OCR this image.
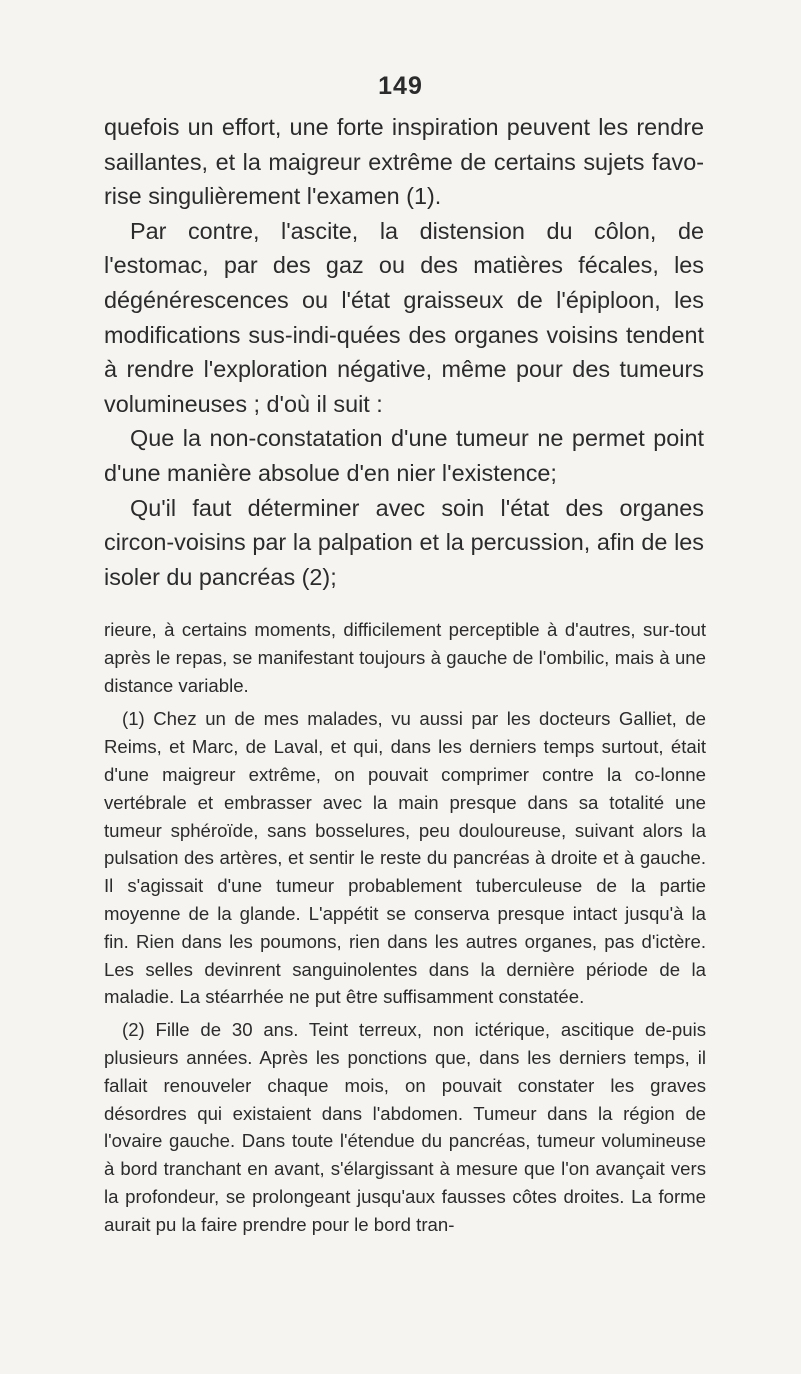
149

quefois un effort, une forte inspiration peuvent les rendre saillantes, et la maigreur extrême de certains sujets favo-rise singulièrement l'examen (1).

Par contre, l'ascite, la distension du côlon, de l'estomac, par des gaz ou des matières fécales, les dégénérescences ou l'état graisseux de l'épiploon, les modifications sus-indi-quées des organes voisins tendent à rendre l'exploration négative, même pour des tumeurs volumineuses ; d'où il suit :

Que la non-constatation d'une tumeur ne permet point d'une manière absolue d'en nier l'existence;

Qu'il faut déterminer avec soin l'état des organes circon-voisins par la palpation et la percussion, afin de les isoler du pancréas (2);

rieure, à certains moments, difficilement perceptible à d'autres, sur-tout après le repas, se manifestant toujours à gauche de l'ombilic, mais à une distance variable.

(1) Chez un de mes malades, vu aussi par les docteurs Galliet, de Reims, et Marc, de Laval, et qui, dans les derniers temps surtout, était d'une maigreur extrême, on pouvait comprimer contre la co-lonne vertébrale et embrasser avec la main presque dans sa totalité une tumeur sphéroïde, sans bosselures, peu douloureuse, suivant alors la pulsation des artères, et sentir le reste du pancréas à droite et à gauche. Il s'agissait d'une tumeur probablement tuberculeuse de la partie moyenne de la glande. L'appétit se conserva presque intact jusqu'à la fin. Rien dans les poumons, rien dans les autres organes, pas d'ictère. Les selles devinrent sanguinolentes dans la dernière période de la maladie. La stéarrhée ne put être suffisamment constatée.

(2) Fille de 30 ans. Teint terreux, non ictérique, ascitique de-puis plusieurs années. Après les ponctions que, dans les derniers temps, il fallait renouveler chaque mois, on pouvait constater les graves désordres qui existaient dans l'abdomen. Tumeur dans la région de l'ovaire gauche. Dans toute l'étendue du pancréas, tumeur volumineuse à bord tranchant en avant, s'élargissant à mesure que l'on avançait vers la profondeur, se prolongeant jusqu'aux fausses côtes droites. La forme aurait pu la faire prendre pour le bord tran-
